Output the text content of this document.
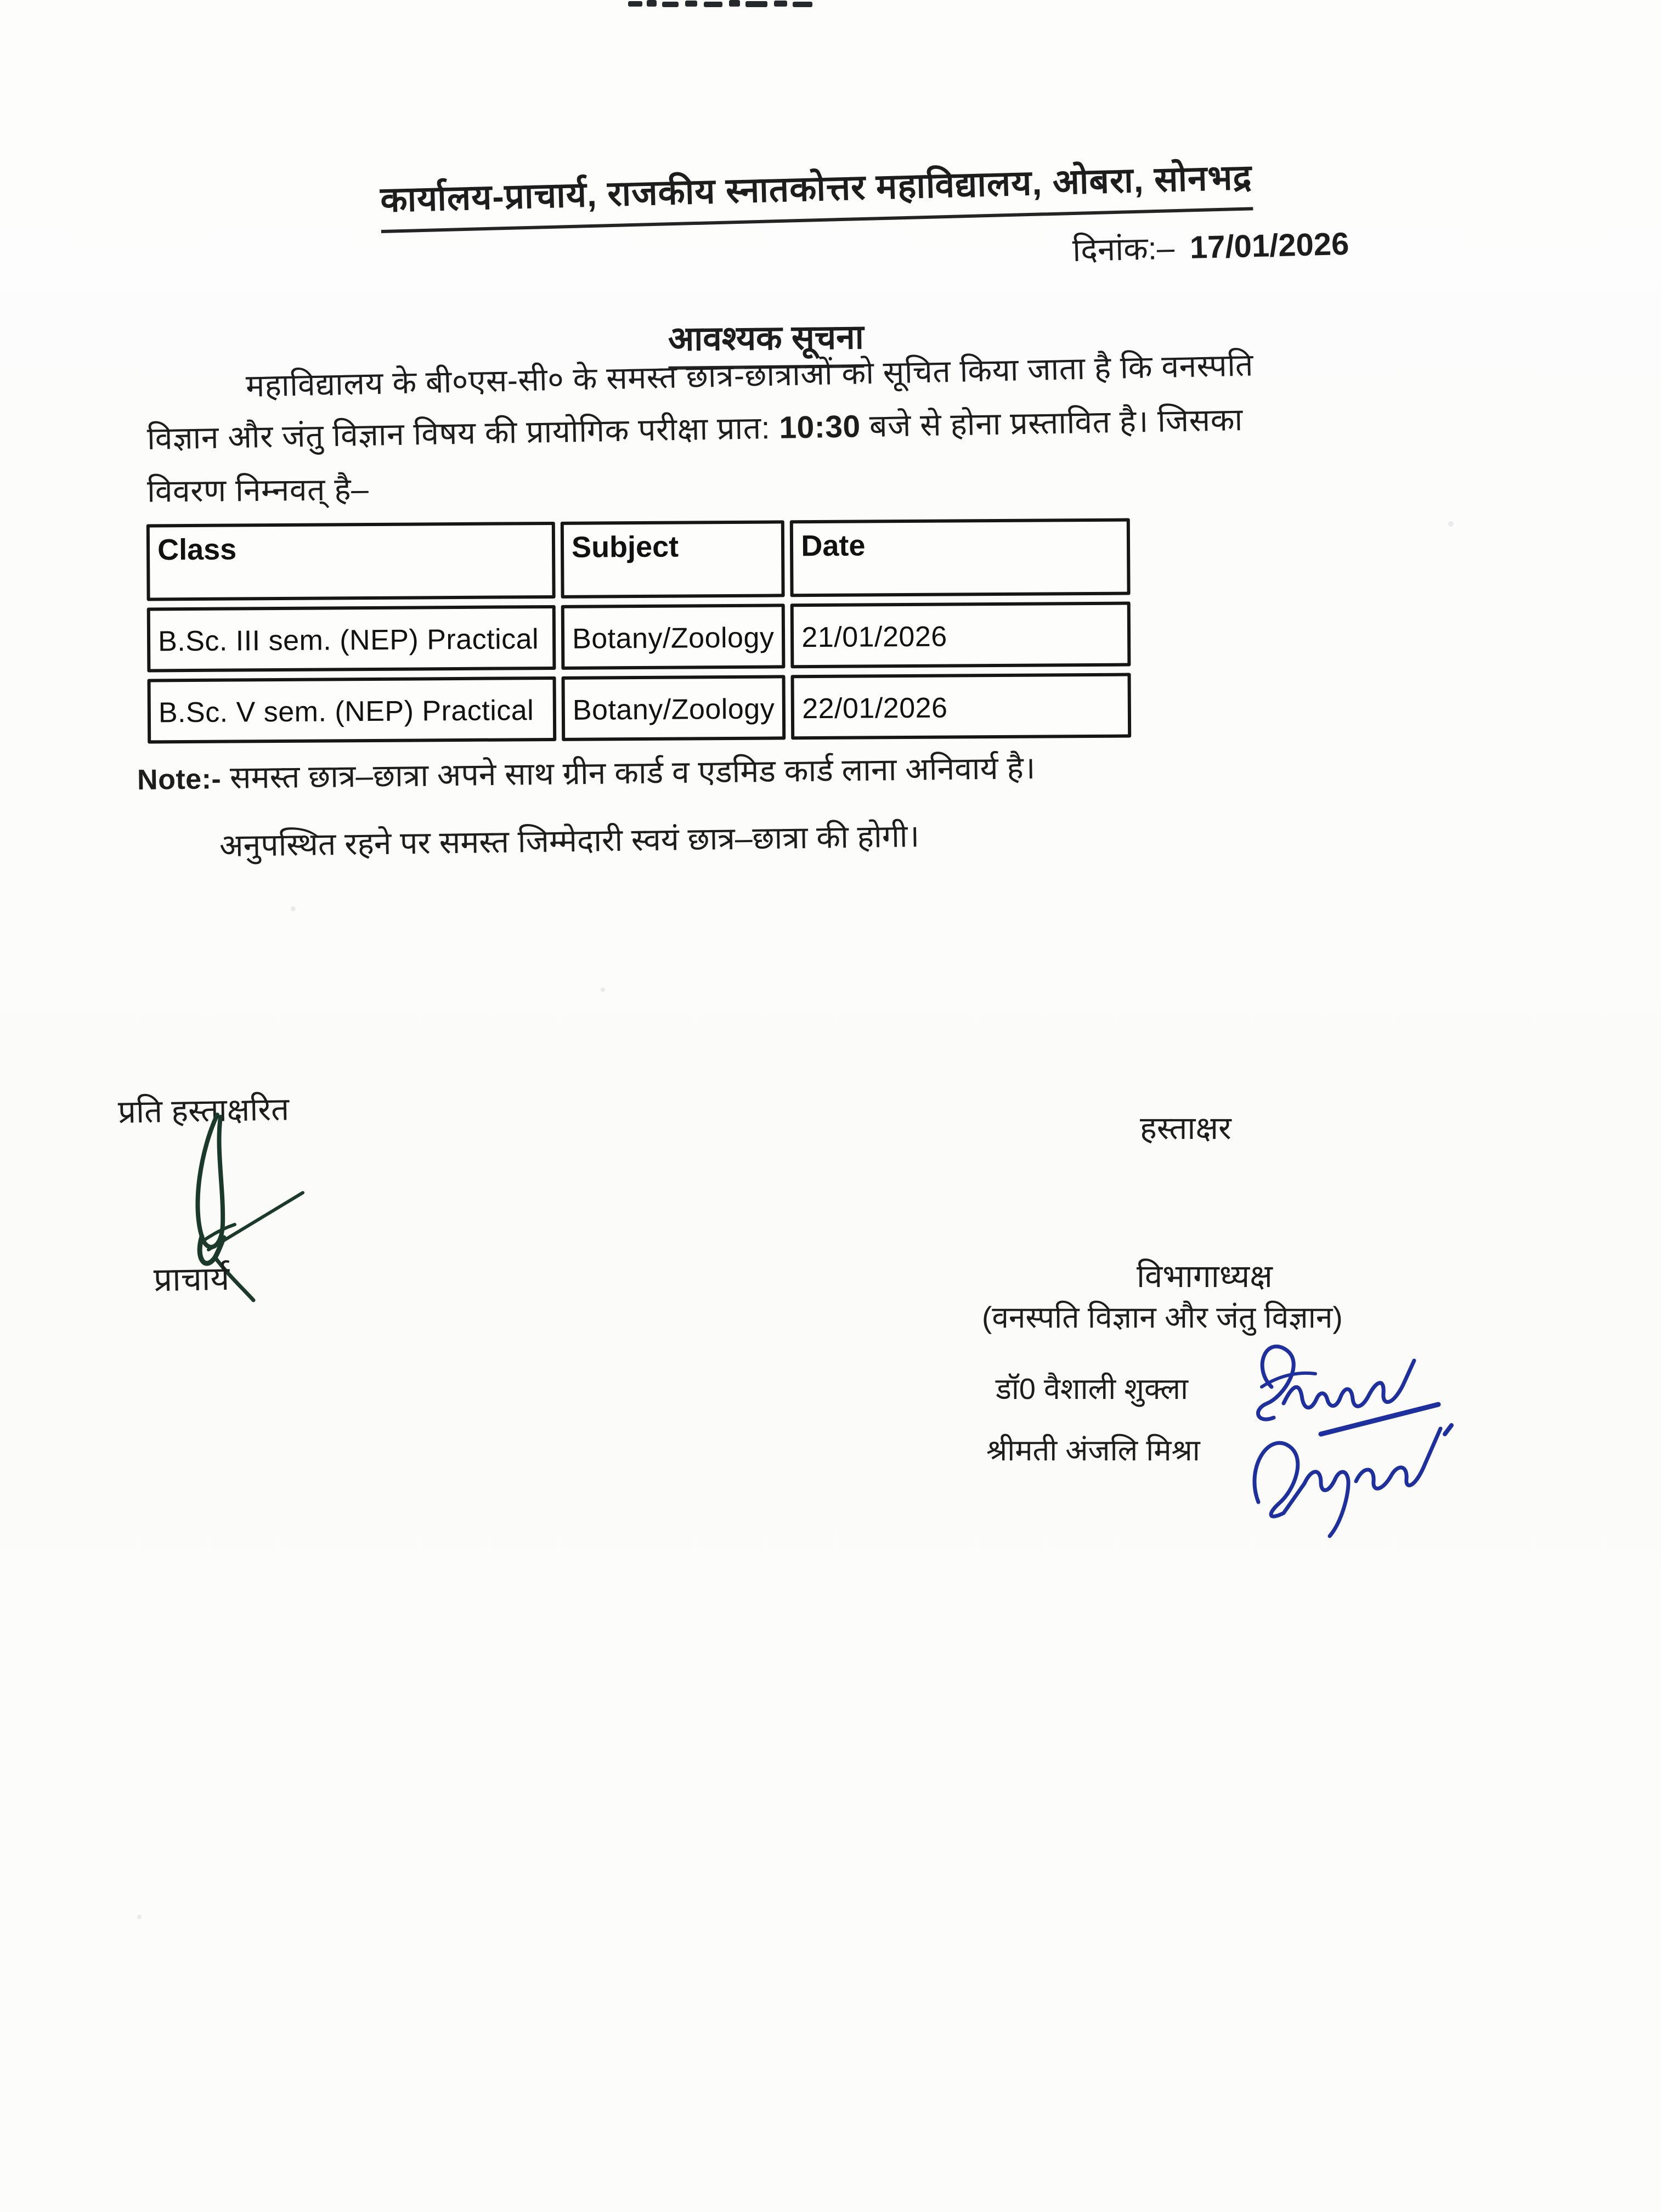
कार्यालय-प्राचार्य, राजकीय स्नातकोत्तर महाविद्यालय, ओबरा, सोनभद्र
दिनांक:– 17/01/2026
आवश्यक सूचना
महाविद्यालय के बी०एस-सी० के समस्त छात्र-छात्राओं को सूचित किया जाता है कि वनस्पति
विज्ञान और जंतु विज्ञान विषय की प्रायोगिक परीक्षा प्रात: 10:30 बजे से होना प्रस्तावित है। जिसका
विवरण निम्नवत् है–
Class	Subject	Date
B.Sc. III sem. (NEP) Practical	Botany/Zoology	21/01/2026
B.Sc. V sem. (NEP) Practical	Botany/Zoology	22/01/2026
Note:- समस्त छात्र–छात्रा अपने साथ ग्रीन कार्ड व एडमिड कार्ड लाना अनिवार्य है।
अनुपस्थित रहने पर समस्त जिम्मेदारी स्वयं छात्र–छात्रा की होगी।
प्रति हस्ताक्षरित
प्राचार्य
हस्ताक्षर
विभागाध्यक्ष
(वनस्पति विज्ञान और जंतु विज्ञान)
डॉ0 वैशाली शुक्ला
श्रीमती अंजलि मिश्रा
